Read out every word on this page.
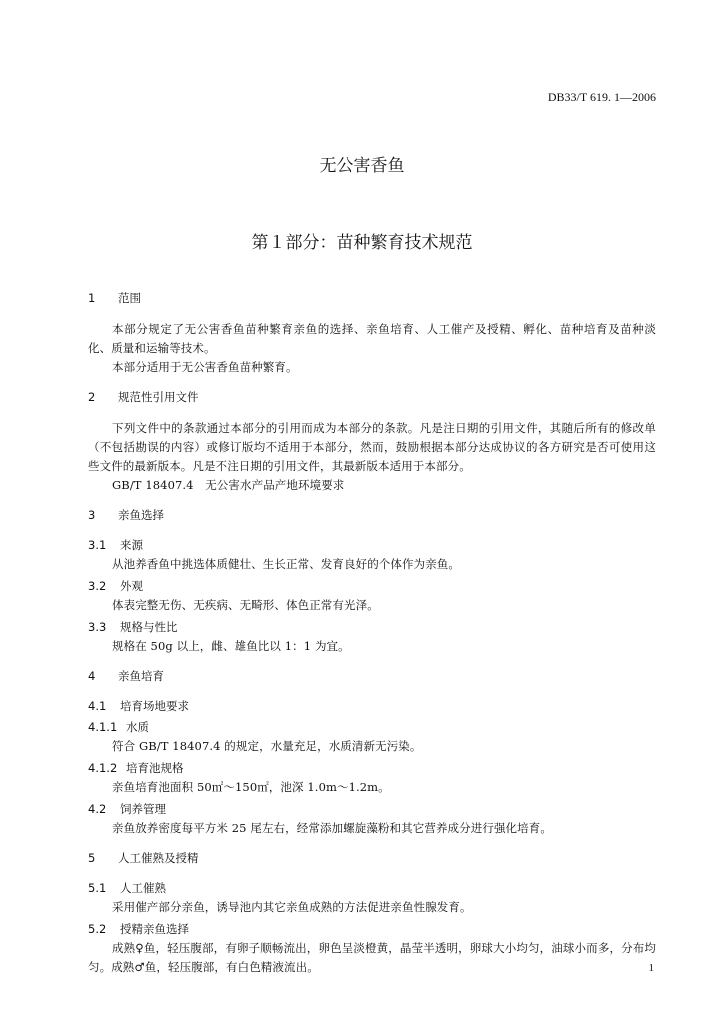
DB33/T 619. 1—2006
无公害香鱼
第１部分：苗种繁育技术规范
1 范围

本部分规定了无公害香鱼苗种繁育亲鱼的选择、亲鱼培育、人工催产及授精、孵化、苗种培育及苗种淡化、质量和运输等技术。

本部分适用于无公害香鱼苗种繁育。

2 规范性引用文件

下列文件中的条款通过本部分的引用而成为本部分的条款。凡是注日期的引用文件，其随后所有的修改单（不包括勘误的内容）或修订版均不适用于本部分，然而，鼓励根据本部分达成协议的各方研究是否可使用这些文件的最新版本。凡是不注日期的引用文件，其最新版本适用于本部分。

GB/T 18407.4　无公害水产品产地环境要求

3 亲鱼选择
3.1 来源

从池养香鱼中挑选体质健壮、生长正常、发育良好的个体作为亲鱼。

3.2 外观

体表完整无伤、无疾病、无畸形、体色正常有光泽。

3.3 规格与性比

规格在 50g 以上，雌、雄鱼比以 1：1 为宜。

4 亲鱼培育
4.1 培育场地要求
4.1.1 水质

符合 GB/T 18407.4 的规定，水量充足，水质清新无污染。

4.1.2 培育池规格

亲鱼培育池面积 50㎡～150㎡，池深 1.0m～1.2m。

4.2 饲养管理

亲鱼放养密度每平方米 25 尾左右，经常添加螺旋藻粉和其它营养成分进行强化培育。

5 人工催熟及授精
5.1 人工催熟

采用催产部分亲鱼，诱导池内其它亲鱼成熟的方法促进亲鱼性腺发育。

5.2 授精亲鱼选择

成熟♀鱼，轻压腹部，有卵子顺畅流出，卵色呈淡橙黄，晶莹半透明，卵球大小均匀，油球小而多，分布均匀。成熟♂鱼，轻压腹部，有白色精液流出。	1
